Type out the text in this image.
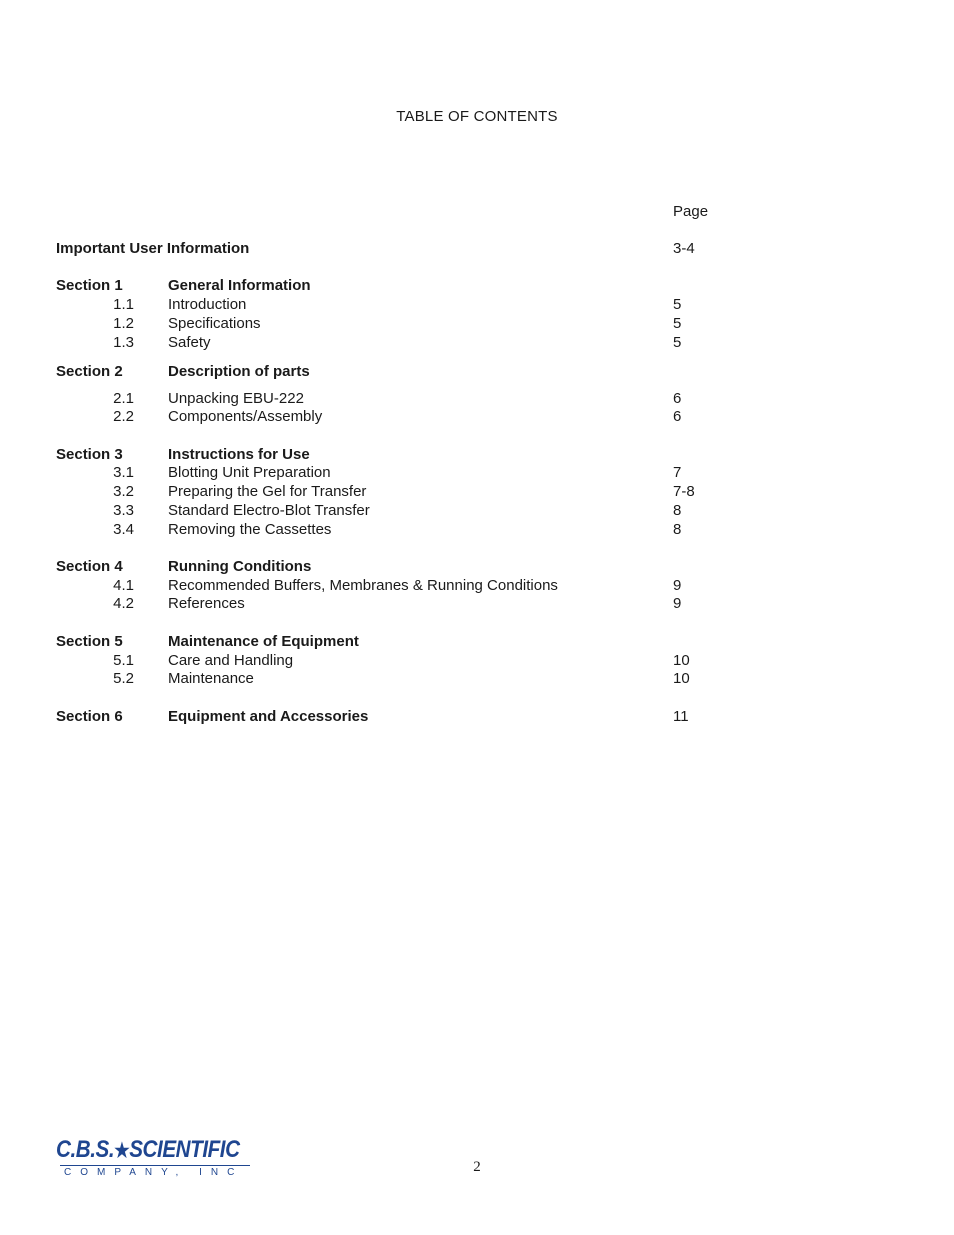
TABLE OF CONTENTS
Page
Important User Information	3-4
Section 1	General Information
1.1 Introduction	5
1.2 Specifications	5
1.3 Safety	5
Section 2	Description of parts
2.1 Unpacking EBU-222	6
2.2 Components/Assembly	6
Section 3	Instructions for Use
3.1 Blotting Unit Preparation	7
3.2 Preparing the Gel for Transfer	7-8
3.3 Standard Electro-Blot Transfer	8
3.4 Removing the Cassettes	8
Section 4	Running Conditions
4.1 Recommended Buffers, Membranes & Running Conditions	9
4.2 References	9
Section 5	Maintenance of Equipment
5.1 Care and Handling	10
5.2 Maintenance	10
Section 6	Equipment and Accessories	11
C.B.S.★SCIENTIFIC
COMPANY, INC	2
